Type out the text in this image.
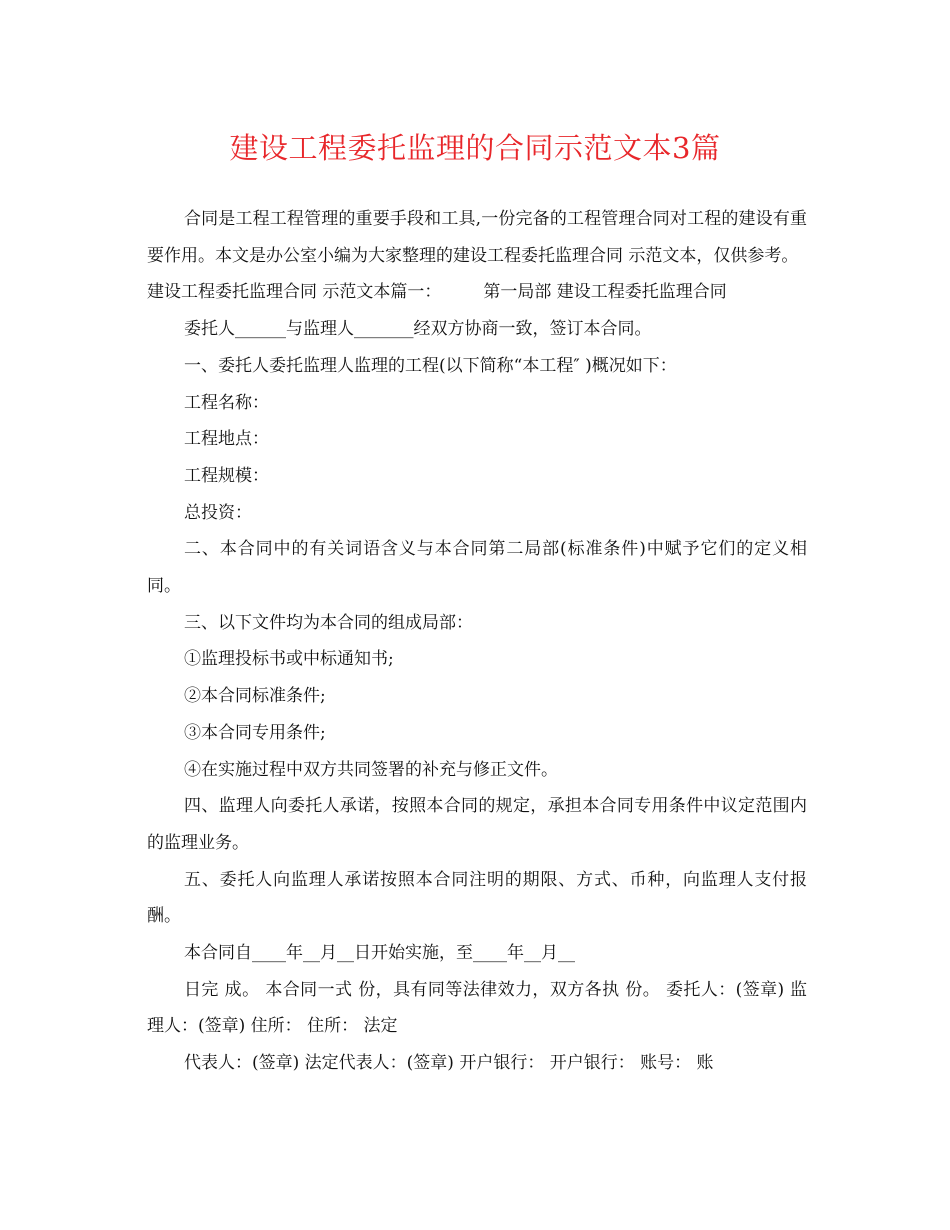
建设工程委托监理的合同示范文本3篇

合同是工程工程管理的重要手段和工具,一份完备的工程管理合同对工程的建设有重要作用。本文是办公室小编为大家整理的建设工程委托监理合同 示范文本，仅供参考。

建设工程委托监理合同 示范文本篇一： 第一局部 建设工程委托监理合同

委托人______与监理人_______经双方协商一致，签订本合同。

一、委托人委托监理人监理的工程(以下简称“本工程″ )概况如下：

工程名称：

工程地点：

工程规模：

总投资：

二、本合同中的有关词语含义与本合同第二局部(标准条件)中赋予它们的定义相同。

三、以下文件均为本合同的组成局部：

①监理投标书或中标通知书;

②本合同标准条件;

③本合同专用条件;

④在实施过程中双方共同签署的补充与修正文件。

四、监理人向委托人承诺，按照本合同的规定，承担本合同专用条件中议定范围内的监理业务。

五、委托人向监理人承诺按照本合同注明的期限、方式、币种，向监理人支付报酬。

本合同自____年__月__日开始实施，至____年__月__

日完 成。 本合同一式 份，具有同等法律效力，双方各执 份。 委托人：(签章) 监理人：(签章) 住所： 住所： 法定

代表人：(签章) 法定代表人：(签章) 开户银行： 开户银行： 账号： 账
